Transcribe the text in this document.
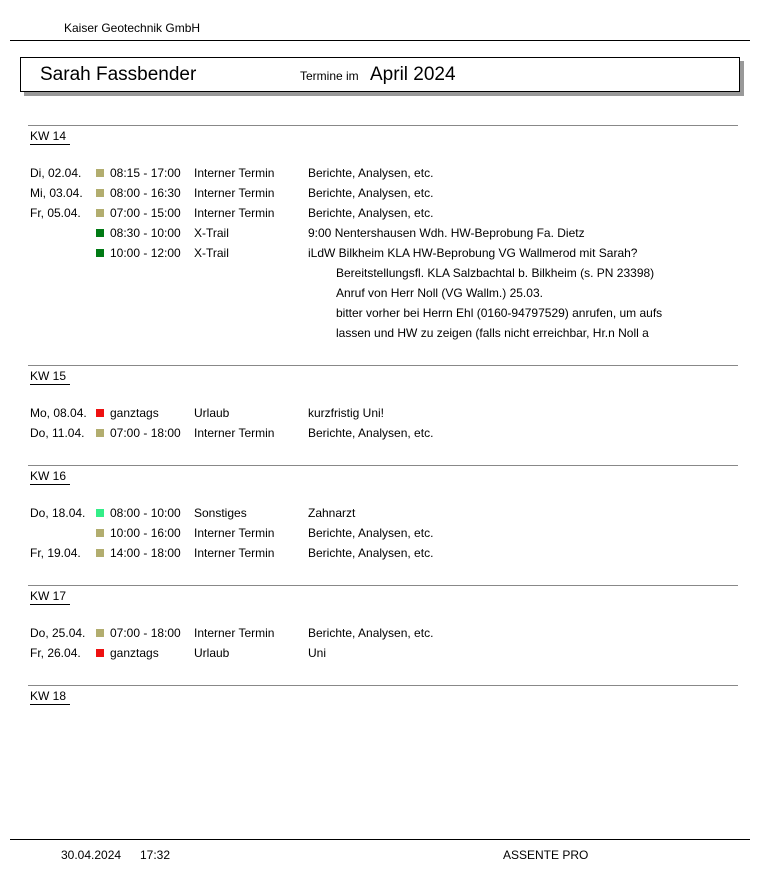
Kaiser Geotechnik GmbH
Sarah Fassbender	Termine im April 2024
KW 14
Di, 02.04. 08:15 - 17:00 Interner Termin	Berichte, Analysen, etc.
Mi, 03.04. 08:00 - 16:30 Interner Termin	Berichte, Analysen, etc.
Fr, 05.04. 07:00 - 15:00 Interner Termin	Berichte, Analysen, etc.
08:30 - 10:00 X-Trail	9:00 Nentershausen Wdh. HW-Beprobung Fa. Dietz
10:00 - 12:00 X-Trail	iLdW Bilkheim KLA HW-Beprobung VG Wallmerod mit Sarah?
Bereitstellungsfl. KLA Salzbachtal b. Bilkheim (s. PN 23398)
Anruf von Herr Noll (VG Wallm.) 25.03.
bitter vorher bei Herrn Ehl (0160-94797529) anrufen, um aufs
lassen und HW zu zeigen (falls nicht erreichbar, Hr.n Noll a
KW 15
Mo, 08.04. ganztags	Urlaub	kurzfristig Uni!
Do, 11.04. 07:00 - 18:00 Interner Termin	Berichte, Analysen, etc.
KW 16
Do, 18.04. 08:00 - 10:00 Sonstiges	Zahnarzt
10:00 - 16:00 Interner Termin	Berichte, Analysen, etc.
Fr, 19.04. 14:00 - 18:00 Interner Termin	Berichte, Analysen, etc.
KW 17
Do, 25.04. 07:00 - 18:00 Interner Termin	Berichte, Analysen, etc.
Fr, 26.04. ganztags	Urlaub	Uni
KW 18
30.04.2024 17:32	ASSENTE PRO
